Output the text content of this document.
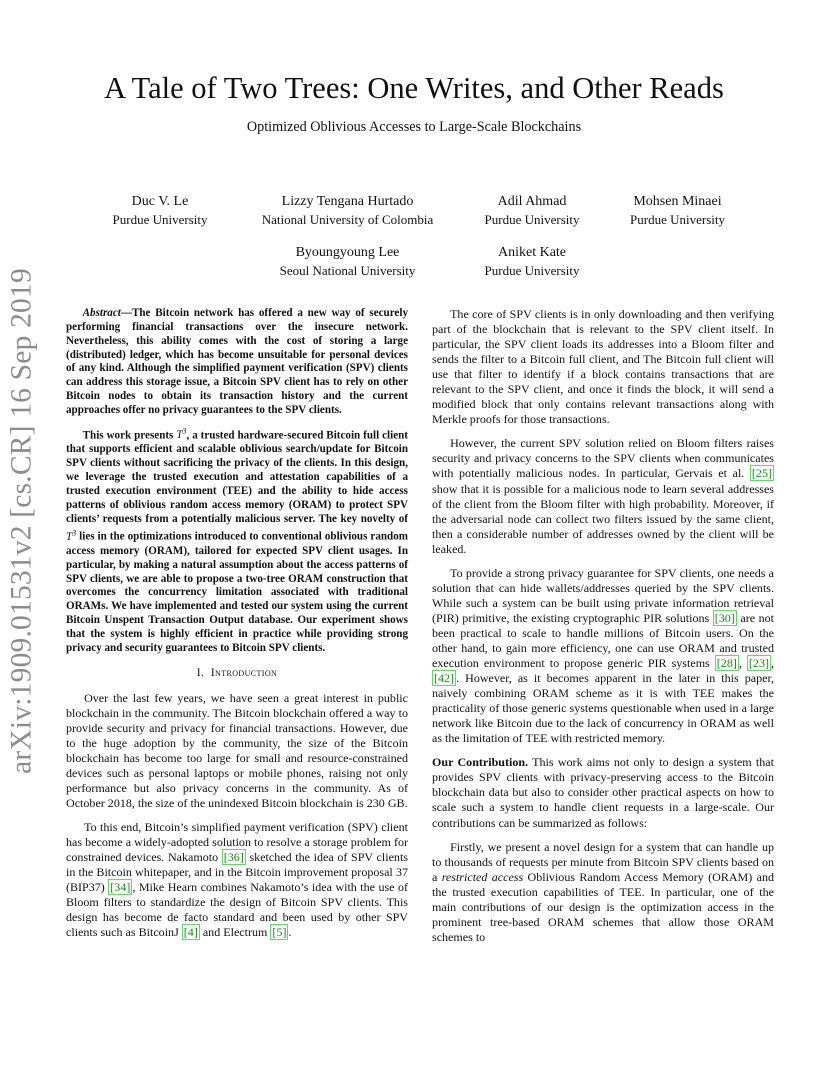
A Tale of Two Trees: One Writes, and Other Reads
Optimized Oblivious Accesses to Large-Scale Blockchains
Duc V. Le
Purdue University
Lizzy Tengana Hurtado
National University of Colombia
Adil Ahmad
Purdue University
Mohsen Minaei
Purdue University
Byoungyoung Lee
Seoul National University
Aniket Kate
Purdue University
arXiv:1909.01531v2 [cs.CR] 16 Sep 2019	Abstract—The Bitcoin network has offered a new way of securely performing financial transactions over the insecure network. Nevertheless, this ability comes with the cost of storing a large (distributed) ledger, which has become unsuitable for personal devices of any kind. Although the simplified payment verification (SPV) clients can address this storage issue, a Bitcoin SPV client has to rely on other Bitcoin nodes to obtain its transaction history and the current approaches offer no privacy guarantees to the SPV clients.

This work presents $T^3$, a trusted hardware-secured Bitcoin full client that supports efficient and scalable oblivious search/update for Bitcoin SPV clients without sacrificing the privacy of the clients. In this design, we leverage the trusted execution and attestation capabilities of a trusted execution environment (TEE) and the ability to hide access patterns of oblivious random access memory (ORAM) to protect SPV clients’ requests from a potentially malicious server. The key novelty of $T^3$ lies in the optimizations introduced to conventional oblivious random access memory (ORAM), tailored for expected SPV client usages. In particular, by making a natural assumption about the access patterns of SPV clients, we are able to propose a two-tree ORAM construction that overcomes the concurrency limitation associated with traditional ORAMs. We have implemented and tested our system using the current Bitcoin Unspent Transaction Output database. Our experiment shows that the system is highly efficient in practice while providing strong privacy and security guarantees to Bitcoin SPV clients.

I. Introduction

Over the last few years, we have seen a great interest in public blockchain in the community. The Bitcoin blockchain offered a way to provide security and privacy for financial transactions. However, due to the huge adoption by the community, the size of the Bitcoin blockchain has become too large for small and resource-constrained devices such as personal laptops or mobile phones, raising not only performance but also privacy concerns in the community. As of October 2018, the size of the unindexed Bitcoin blockchain is 230 GB.

To this end, Bitcoin’s simplified payment verification (SPV) client has become a widely-adopted solution to resolve a storage problem for constrained devices. Nakamoto [36] sketched the idea of SPV clients in the Bitcoin whitepaper, and in the Bitcoin improvement proposal 37 (BIP37) [34] , Mike Hearn combines Nakamoto’s idea with the use of Bloom filters to standardize the design of Bitcoin SPV clients. This design has become de facto standard and been used by other SPV clients such as BitcoinJ [4] and Electrum [5] .

The core of SPV clients is in only downloading and then verifying part of the blockchain that is relevant to the SPV client itself. In particular, the SPV client loads its addresses into a Bloom filter and sends the filter to a Bitcoin full client, and The Bitcoin full client will use that filter to identify if a block contains transactions that are relevant to the SPV client, and once it finds the block, it will send a modified block that only contains relevant transactions along with Merkle proofs for those transactions.

However, the current SPV solution relied on Bloom filters raises security and privacy concerns to the SPV clients when communicates with potentially malicious nodes. In particular, Gervais et al. [25] show that it is possible for a malicious node to learn several addresses of the client from the Bloom filter with high probability. Moreover, if the adversarial node can collect two filters issued by the same client, then a considerable number of addresses owned by the client will be leaked.

To provide a strong privacy guarantee for SPV clients, one needs a solution that can hide wallets/addresses queried by the SPV clients. While such a system can be built using private information retrieval (PIR) primitive, the existing cryptographic PIR solutions [30] are not been practical to scale to handle millions of Bitcoin users. On the other hand, to gain more efficiency, one can use ORAM and trusted execution environment to propose generic PIR systems [28] , [23] , [42] . However, as it becomes apparent in the later in this paper, naively combining ORAM scheme as it is with TEE makes the practicality of those generic systems questionable when used in a large network like Bitcoin due to the lack of concurrency in ORAM as well as the limitation of TEE with restricted memory.

Our Contribution. This work aims not only to design a system that provides SPV clients with privacy-preserving access to the Bitcoin blockchain data but also to consider other practical aspects on how to scale such a system to handle client requests in a large-scale. Our contributions can be summarized as follows:

Firstly, we present a novel design for a system that can handle up to thousands of requests per minute from Bitcoin SPV clients based on a restricted access Oblivious Random Access Memory (ORAM) and the trusted execution capabilities of TEE. In particular, one of the main contributions of our design is the optimization access in the prominent tree-based ORAM schemes that allow those ORAM schemes to
